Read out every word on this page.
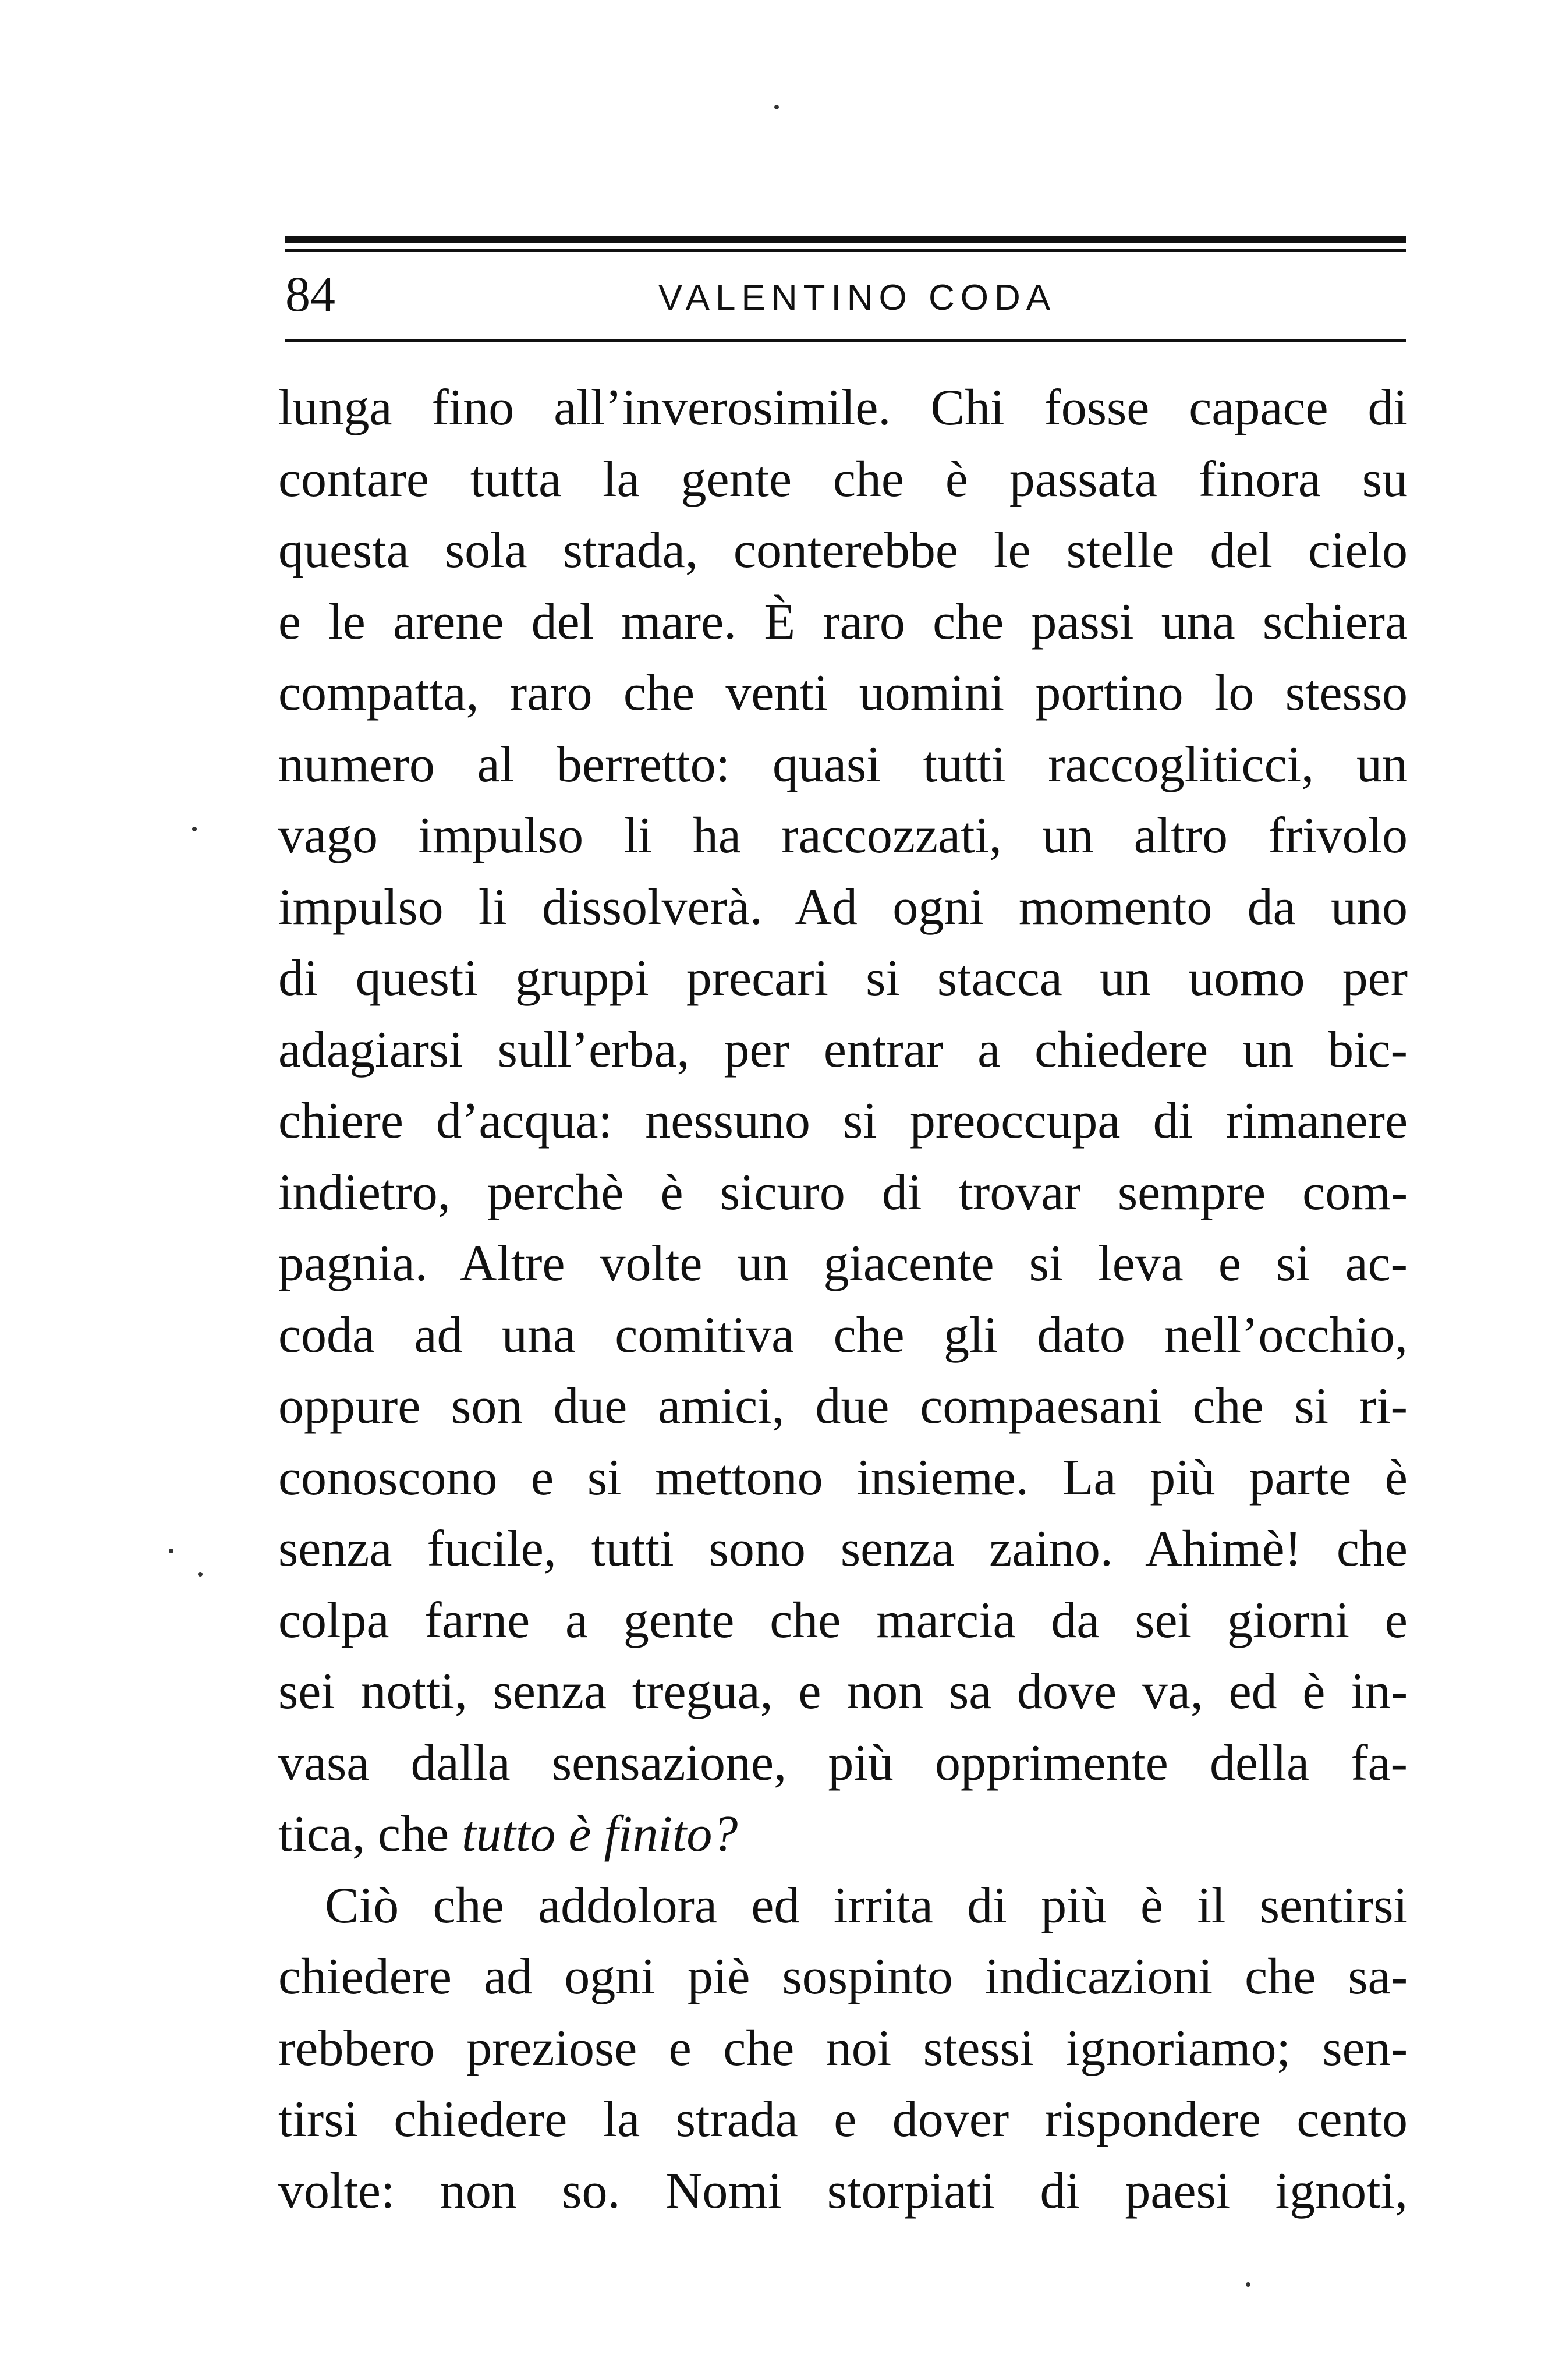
84	VALENTINO CODA
lunga fino all’inverosimile. Chi fosse capace di
contare tutta la gente che è passata finora su
questa sola strada, conterebbe le stelle del cielo
e le arene del mare. È raro che passi una schiera
compatta, raro che venti uomini portino lo stesso
numero al berretto: quasi tutti raccogliticci, un
vago impulso li ha raccozzati, un altro frivolo
impulso li dissolverà. Ad ogni momento da uno
di questi gruppi precari si stacca un uomo per
adagiarsi sull’erba, per entrar a chiedere un bic-
chiere d’acqua: nessuno si preoccupa di rimanere
indietro, perchè è sicuro di trovar sempre com-
pagnia. Altre volte un giacente si leva e si ac-
coda ad una comitiva che gli dato nell’occhio,
oppure son due amici, due compaesani che si ri-
conoscono e si mettono insieme. La più parte è
senza fucile, tutti sono senza zaino. Ahimè! che
colpa farne a gente che marcia da sei giorni e
sei notti, senza tregua, e non sa dove va, ed è in-
vasa dalla sensazione, più opprimente della fa-
tica, che tutto è finito?
Ciò che addolora ed irrita di più è il sentirsi
chiedere ad ogni piè sospinto indicazioni che sa-
rebbero preziose e che noi stessi ignoriamo; sen-
tirsi chiedere la strada e dover rispondere cento
volte: non so. Nomi storpiati di paesi ignoti,
